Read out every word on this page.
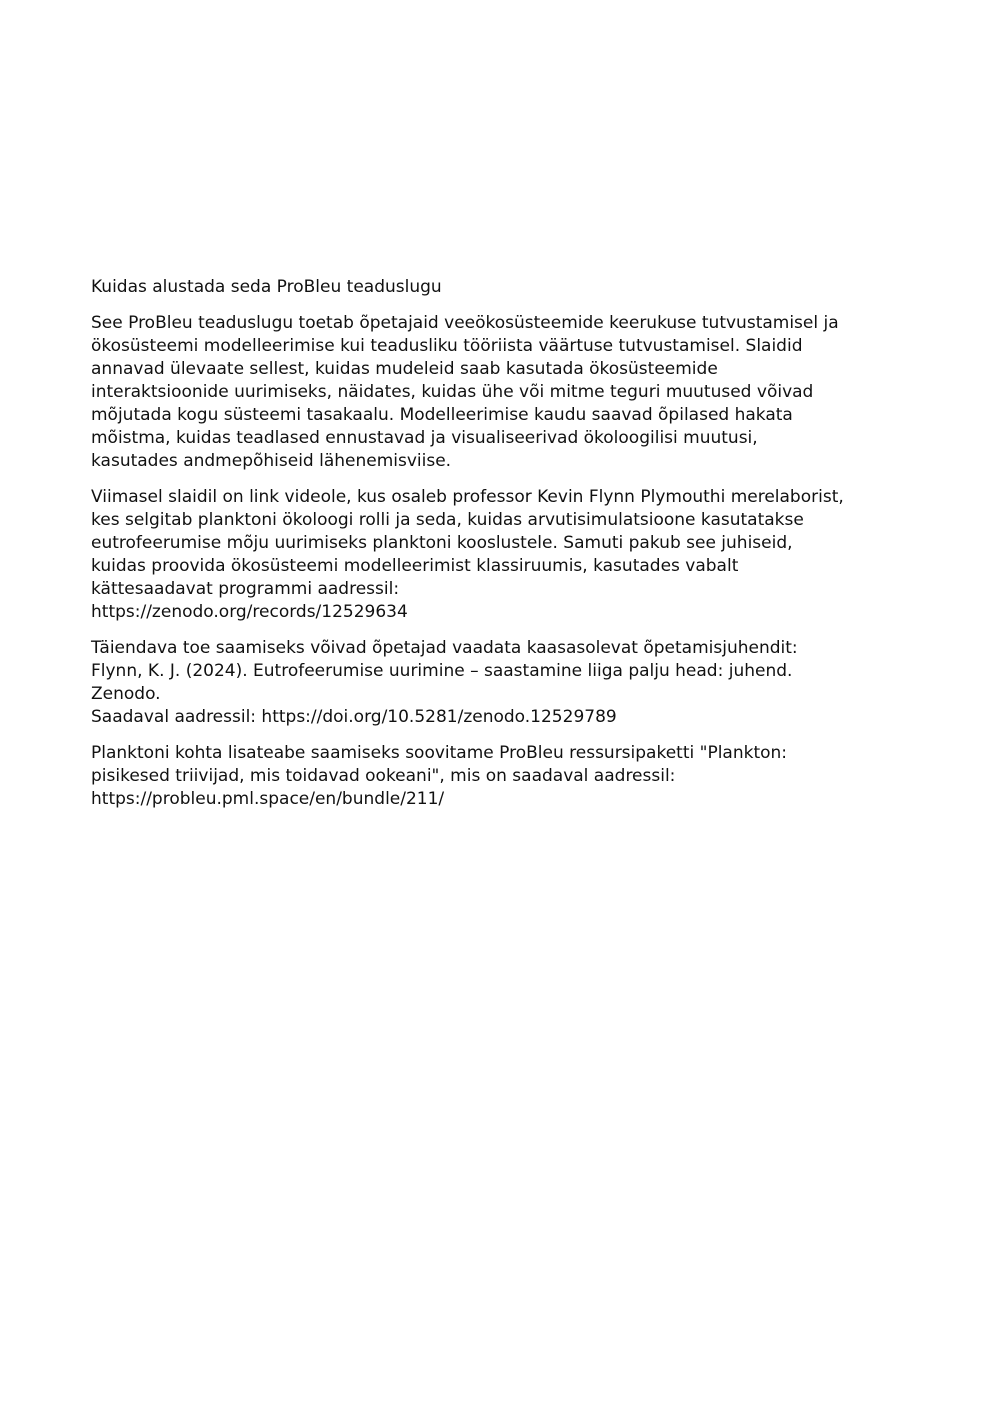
Kuidas alustada seda ProBleu teaduslugu
See ProBleu teaduslugu toetab õpetajaid veeökosüsteemide keerukuse tutvustamisel ja
ökosüsteemi modelleerimise kui teadusliku tööriista väärtuse tutvustamisel. Slaidid
annavad ülevaate sellest, kuidas mudeleid saab kasutada ökosüsteemide
interaktsioonide uurimiseks, näidates, kuidas ühe või mitme teguri muutused võivad
mõjutada kogu süsteemi tasakaalu. Modelleerimise kaudu saavad õpilased hakata
mõistma, kuidas teadlased ennustavad ja visualiseerivad ökoloogilisi muutusi,
kasutades andmepõhiseid lähenemisviise.
Viimasel slaidil on link videole, kus osaleb professor Kevin Flynn Plymouthi merelaborist,
kes selgitab planktoni ökoloogi rolli ja seda, kuidas arvutisimulatsioone kasutatakse
eutrofeerumise mõju uurimiseks planktoni kooslustele. Samuti pakub see juhiseid,
kuidas proovida ökosüsteemi modelleerimist klassiruumis, kasutades vabalt
kättesaadavat programmi aadressil:
https://zenodo.org/records/12529634
Täiendava toe saamiseks võivad õpetajad vaadata kaasasolevat õpetamisjuhendit:
Flynn, K. J. (2024). Eutrofeerumise uurimine – saastamine liiga palju head: juhend.
Zenodo.
Saadaval aadressil: https://doi.org/10.5281/zenodo.12529789
Planktoni kohta lisateabe saamiseks soovitame ProBleu ressursipaketti "Plankton:
pisikesed triivijad, mis toidavad ookeani", mis on saadaval aadressil:
https://probleu.pml.space/en/bundle/211/
